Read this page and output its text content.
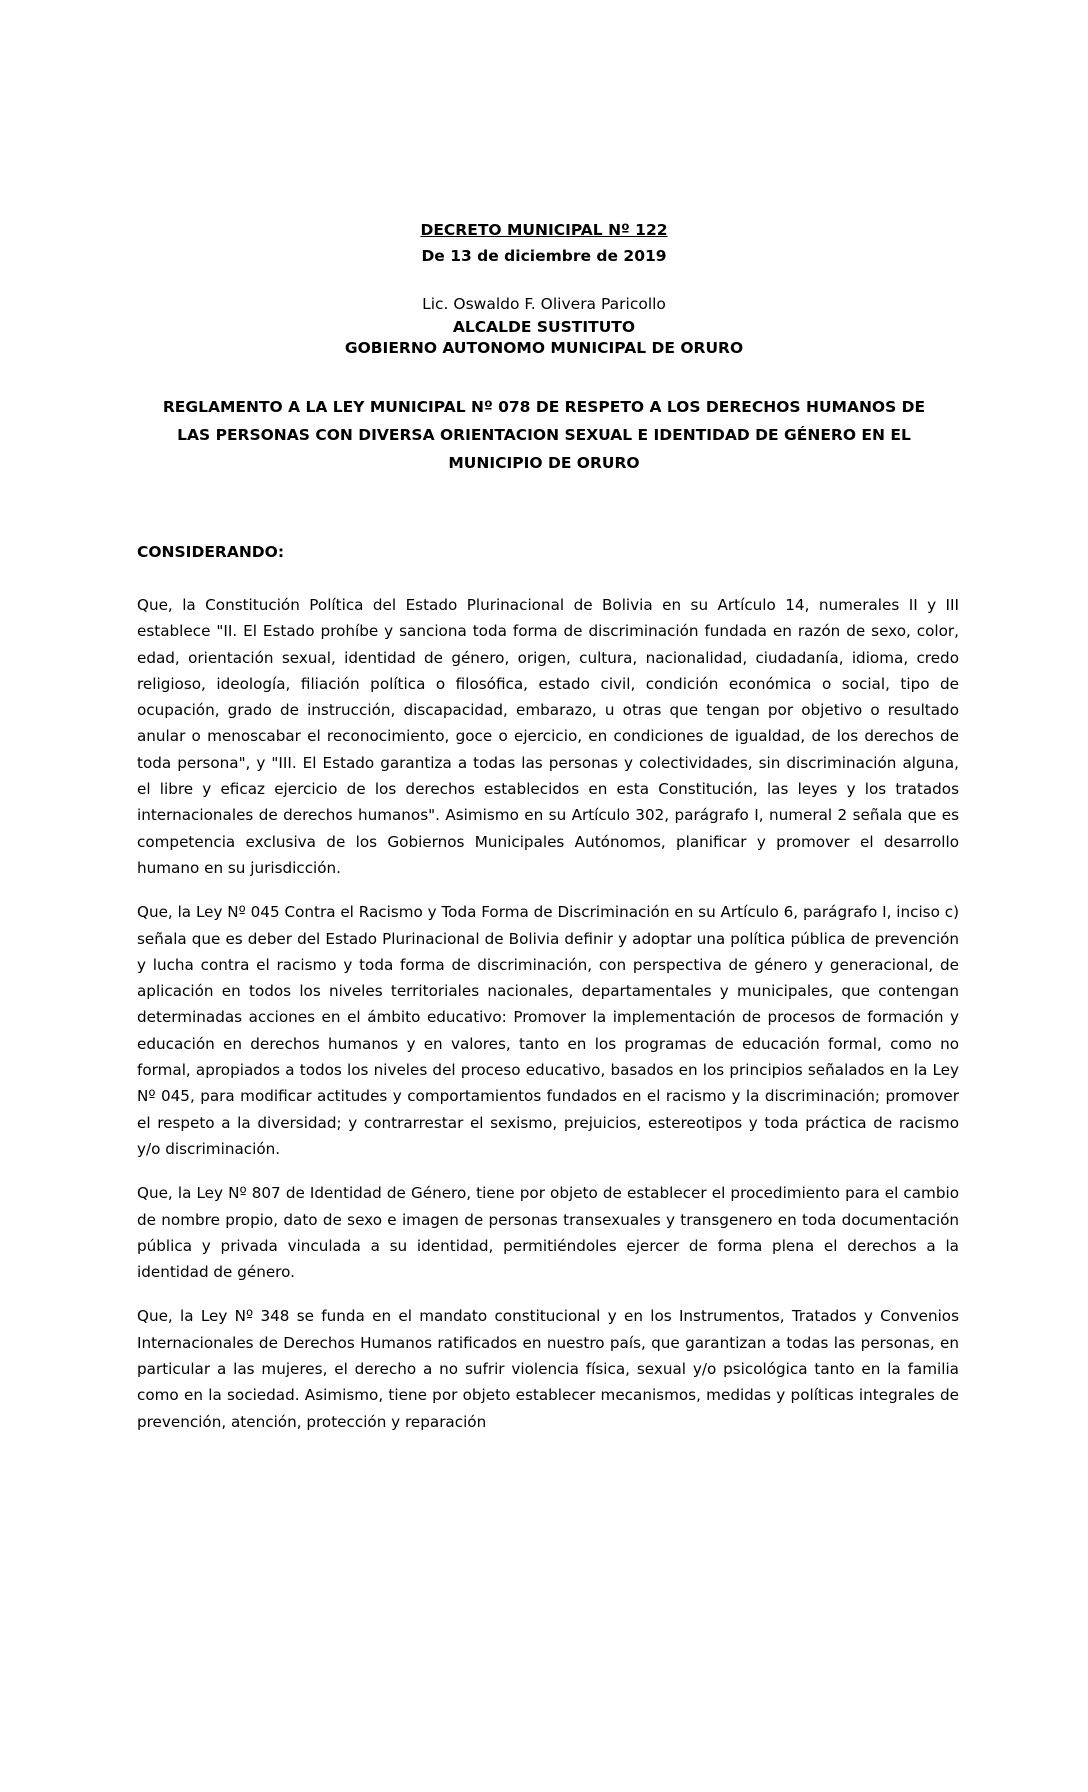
DECRETO MUNICIPAL Nº 122
De 13 de diciembre de 2019
Lic. Oswaldo F. Olivera Paricollo
ALCALDE SUSTITUTO
GOBIERNO AUTONOMO MUNICIPAL DE ORURO
REGLAMENTO A LA LEY MUNICIPAL Nº 078 DE RESPETO A LOS DERECHOS HUMANOS DE
LAS PERSONAS CON DIVERSA ORIENTACION SEXUAL E IDENTIDAD DE GÉNERO EN EL
MUNICIPIO DE ORURO
CONSIDERANDO:

Que, la Constitución Política del Estado Plurinacional de Bolivia en su Artículo 14, numerales II y III establece "II. El Estado prohíbe y sanciona toda forma de discriminación fundada en razón de sexo, color, edad, orientación sexual, identidad de género, origen, cultura, nacionalidad, ciudadanía, idioma, credo religioso, ideología, filiación política o filosófica, estado civil, condición económica o social, tipo de ocupación, grado de instrucción, discapacidad, embarazo, u otras que tengan por objetivo o resultado anular o menoscabar el reconocimiento, goce o ejercicio, en condiciones de igualdad, de los derechos de toda persona", y "III. El Estado garantiza a todas las personas y colectividades, sin discriminación alguna, el libre y eficaz ejercicio de los derechos establecidos en esta Constitución, las leyes y los tratados internacionales de derechos humanos". Asimismo en su Artículo 302, parágrafo I, numeral 2 señala que es competencia exclusiva de los Gobiernos Municipales Autónomos, planificar y promover el desarrollo humano en su jurisdicción.

Que, la Ley Nº 045 Contra el Racismo y Toda Forma de Discriminación en su Artículo 6, parágrafo I, inciso c) señala que es deber del Estado Plurinacional de Bolivia definir y adoptar una política pública de prevención y lucha contra el racismo y toda forma de discriminación, con perspectiva de género y generacional, de aplicación en todos los niveles territoriales nacionales, departamentales y municipales, que contengan determinadas acciones en el ámbito educativo: Promover la implementación de procesos de formación y educación en derechos humanos y en valores, tanto en los programas de educación formal, como no formal, apropiados a todos los niveles del proceso educativo, basados en los principios señalados en la Ley Nº 045, para modificar actitudes y comportamientos fundados en el racismo y la discriminación; promover el respeto a la diversidad; y contrarrestar el sexismo, prejuicios, estereotipos y toda práctica de racismo y/o discriminación.

Que, la Ley Nº 807 de Identidad de Género, tiene por objeto de establecer el procedimiento para el cambio de nombre propio, dato de sexo e imagen de personas transexuales y transgenero en toda documentación pública y privada vinculada a su identidad, permitiéndoles ejercer de forma plena el derechos a la identidad de género.

Que, la Ley Nº 348 se funda en el mandato constitucional y en los Instrumentos, Tratados y Convenios Internacionales de Derechos Humanos ratificados en nuestro país, que garantizan a todas las personas, en particular a las mujeres, el derecho a no sufrir violencia física, sexual y/o psicológica tanto en la familia como en la sociedad. Asimismo, tiene por objeto establecer mecanismos, medidas y políticas integrales de prevención, atención, protección y reparación
